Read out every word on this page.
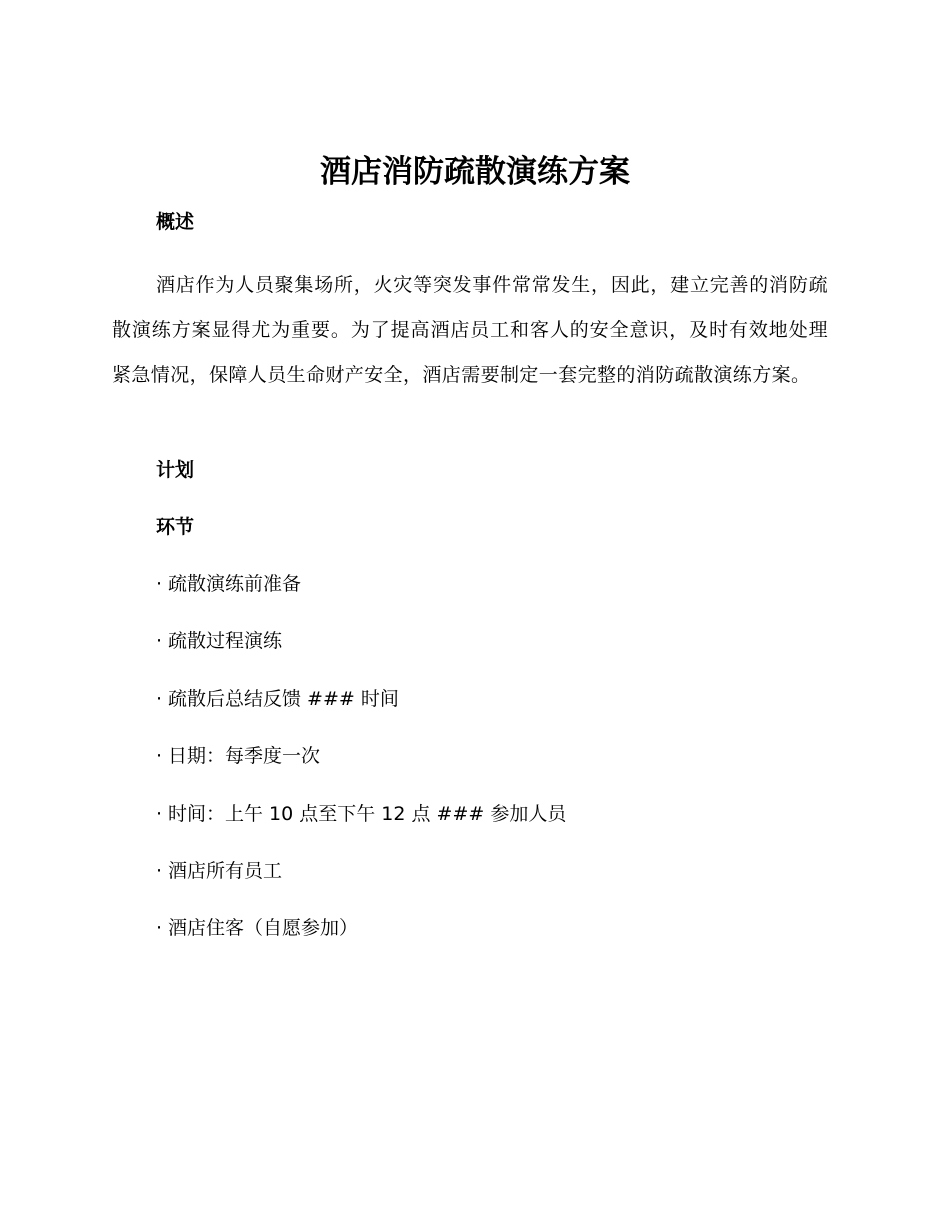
酒店消防疏散演练方案
概述

酒店作为人员聚集场所，火灾等突发事件常常发生，因此，建立完善的消防疏散演练方案显得尤为重要。为了提高酒店员工和客人的安全意识，及时有效地处理紧急情况，保障人员生命财产安全，酒店需要制定一套完整的消防疏散演练方案。

计划
环节
· 疏散演练前准备
· 疏散过程演练
· 疏散后总结反馈 ### 时间
· 日期：每季度一次
· 时间：上午 10 点至下午 12 点 ### 参加人员
· 酒店所有员工
· 酒店住客（自愿参加）
